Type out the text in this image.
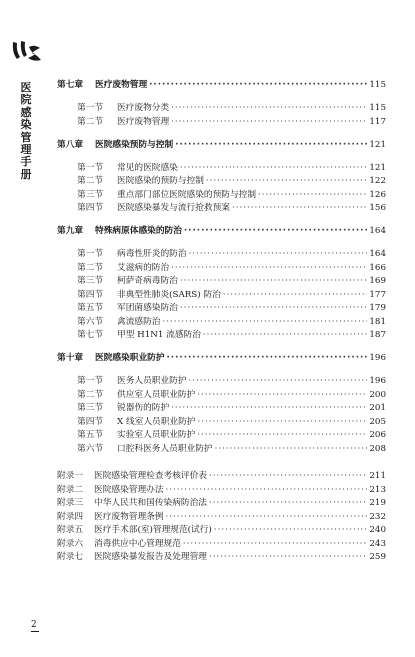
医
院
感
染
管
理
手
册
第七章	医疗废物管理 ·····	115
第一节	医疗废物分类 ·····	115
第二节	医疗废物管理 ·····	117
第八章	医院感染预防与控制 ·····	121
第一节	常见的医院感染 ·····	121
第二节	医院感染的预防与控制 ·····	122
第三节	重点部门部位医院感染的预防与控制 ·····	126
第四节	医院感染暴发与流行抢救预案 ·····	156
第九章	特殊病原体感染的防治 ·····	164
第一节	病毒性肝炎的防治 ·····	164
第二节	艾滋病的防治 ·····	166
第三节	柯萨奇病毒防治 ·····	169
第四节	非典型性肺炎(SARS) 防治 ·····	177
第五节	军团菌感染防治 ·····	179
第六节	禽流感防治 ·····	181
第七节	甲型 H1N1 流感防治 ·····	187
第十章	医院感染职业防护 ·····	196
第一节	医务人员职业防护 ·····	196
第二节	供应室人员职业防护 ·····	200
第三节	锐器伤的防护 ·····	201
第四节	X 线室人员职业防护 ·····	205
第五节	实验室人员职业防护 ·····	206
第六节	口腔科医务人员职业防护 ·····	208
附录一	医院感染管理检查考核评价表 ·····	211
附录二	医院感染管理办法 ·····	213
附录三	中华人民共和国传染病防治法 ·····	219
附录四	医疗废物管理条例 ·····	232
附录五	医疗手术部(室)管理规范(试行) ·····	240
附录六	消毒供应中心管理规范 ·····	243
附录七	医院感染暴发报告及处理管理 ·····	259
2
